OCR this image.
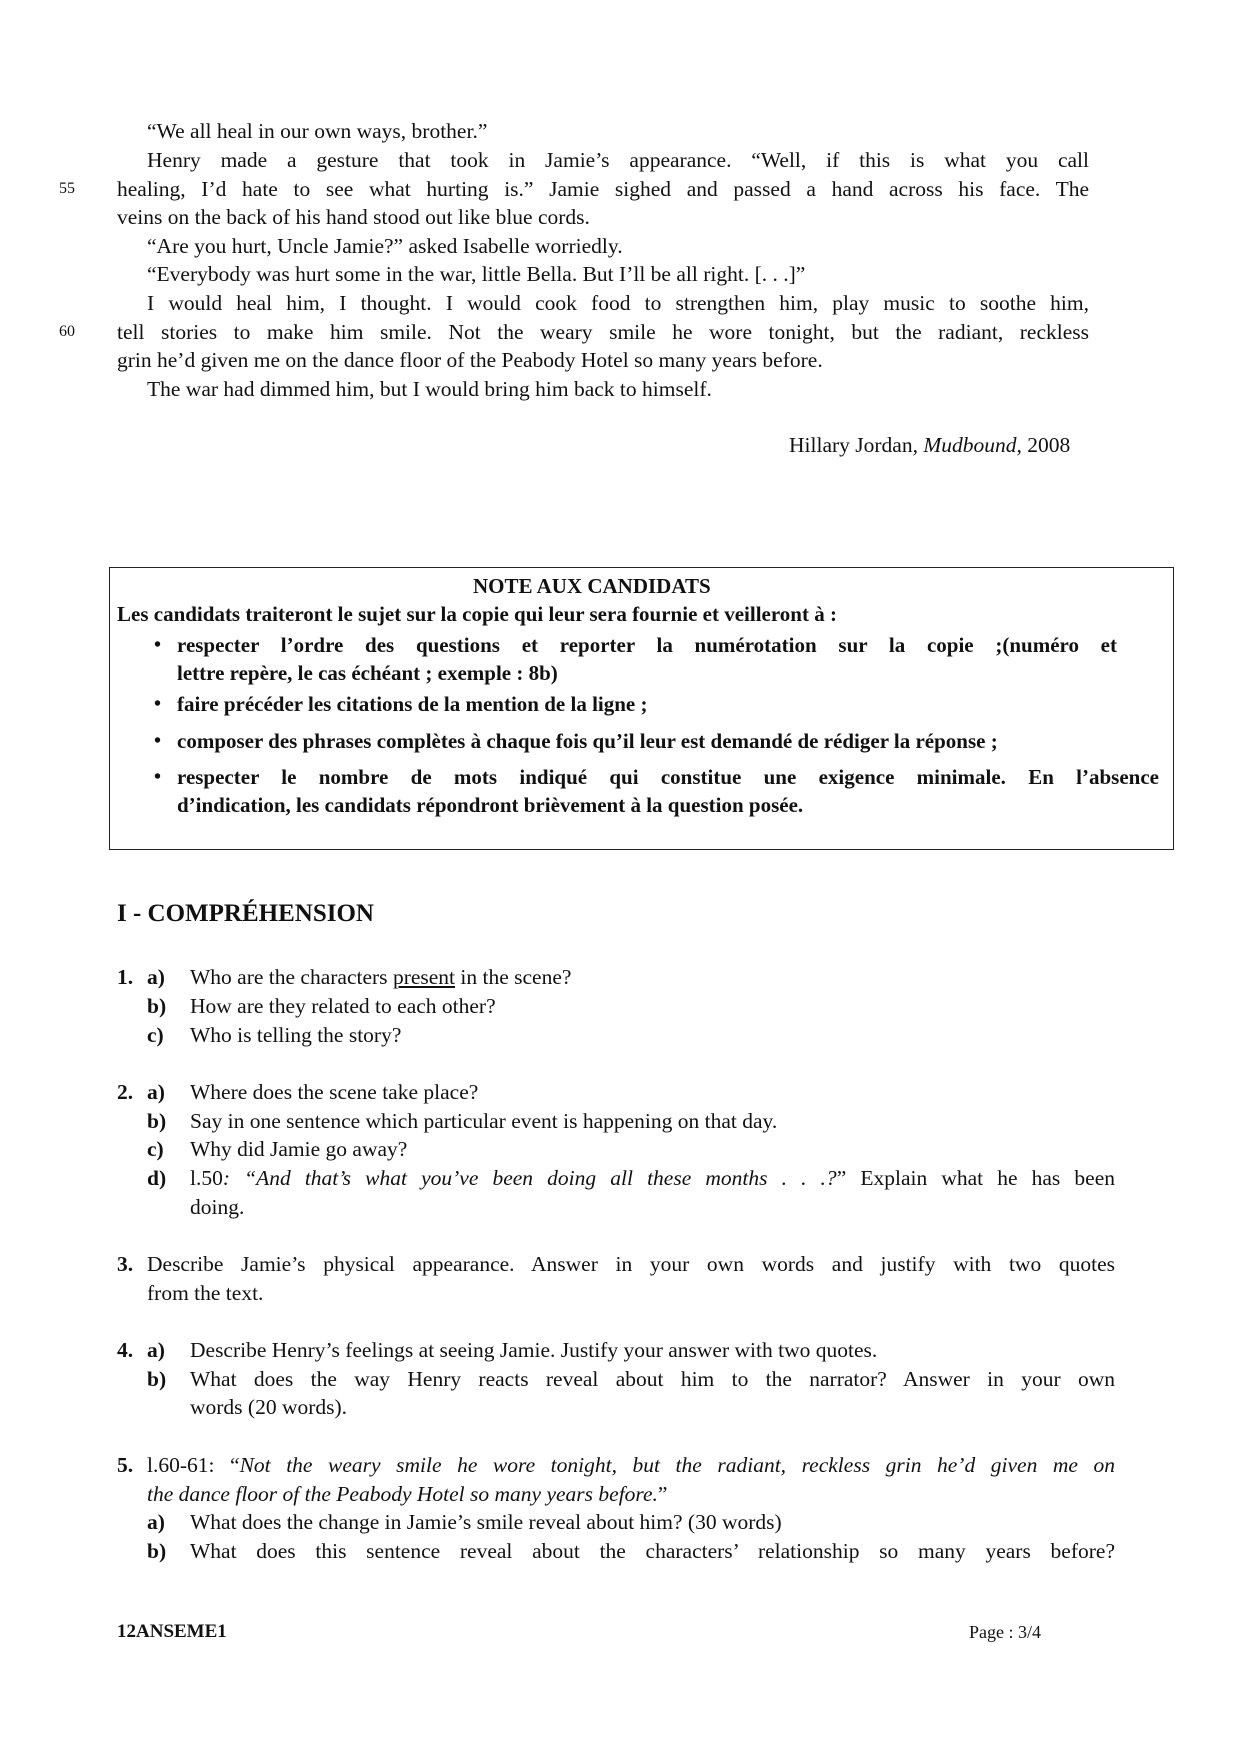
“We all heal in our own ways, brother.”
Henry made a gesture that took in Jamie’s appearance. “Well, if this is what you call
55 healing, I’d hate to see what hurting is.” Jamie sighed and passed a hand across his face. The
veins on the back of his hand stood out like blue cords.
“Are you hurt, Uncle Jamie?” asked Isabelle worriedly.
“Everybody was hurt some in the war, little Bella. But I’ll be all right. [. . .]”
I would heal him, I thought. I would cook food to strengthen him, play music to soothe him,
60 tell stories to make him smile. Not the weary smile he wore tonight, but the radiant, reckless
grin he’d given me on the dance floor of the Peabody Hotel so many years before.
The war had dimmed him, but I would bring him back to himself.
Hillary Jordan, Mudbound, 2008
NOTE AUX CANDIDATS
Les candidats traiteront le sujet sur la copie qui leur sera fournie et veilleront à :
• respecter l’ordre des questions et reporter la numérotation sur la copie ;(numéro et
lettre repère, le cas échéant ; exemple : 8b)
• faire précéder les citations de la mention de la ligne ;
• composer des phrases complètes à chaque fois qu’il leur est demandé de rédiger la réponse ;
• respecter le nombre de mots indiqué qui constitue une exigence minimale. En l’absence
d’indication, les candidats répondront brièvement à la question posée.
I - COMPRÉHENSION
1. a) Who are the characters present in the scene?
b) How are they related to each other?
c) Who is telling the story?
2. a) Where does the scene take place?
b) Say in one sentence which particular event is happening on that day.
c) Why did Jamie go away?
d) l.50: “And that’s what you’ve been doing all these months . . .?” Explain what he has been
doing.
3. Describe Jamie’s physical appearance. Answer in your own words and justify with two quotes
from the text.
4. a) Describe Henry’s feelings at seeing Jamie. Justify your answer with two quotes.
b) What does the way Henry reacts reveal about him to the narrator? Answer in your own
words (20 words).
5. l.60-61: “Not the weary smile he wore tonight, but the radiant, reckless grin he’d given me on
the dance floor of the Peabody Hotel so many years before.”
a) What does the change in Jamie’s smile reveal about him? (30 words)
b) What does this sentence reveal about the characters’ relationship so many years before?
12ANSEME1	Page : 3/4
